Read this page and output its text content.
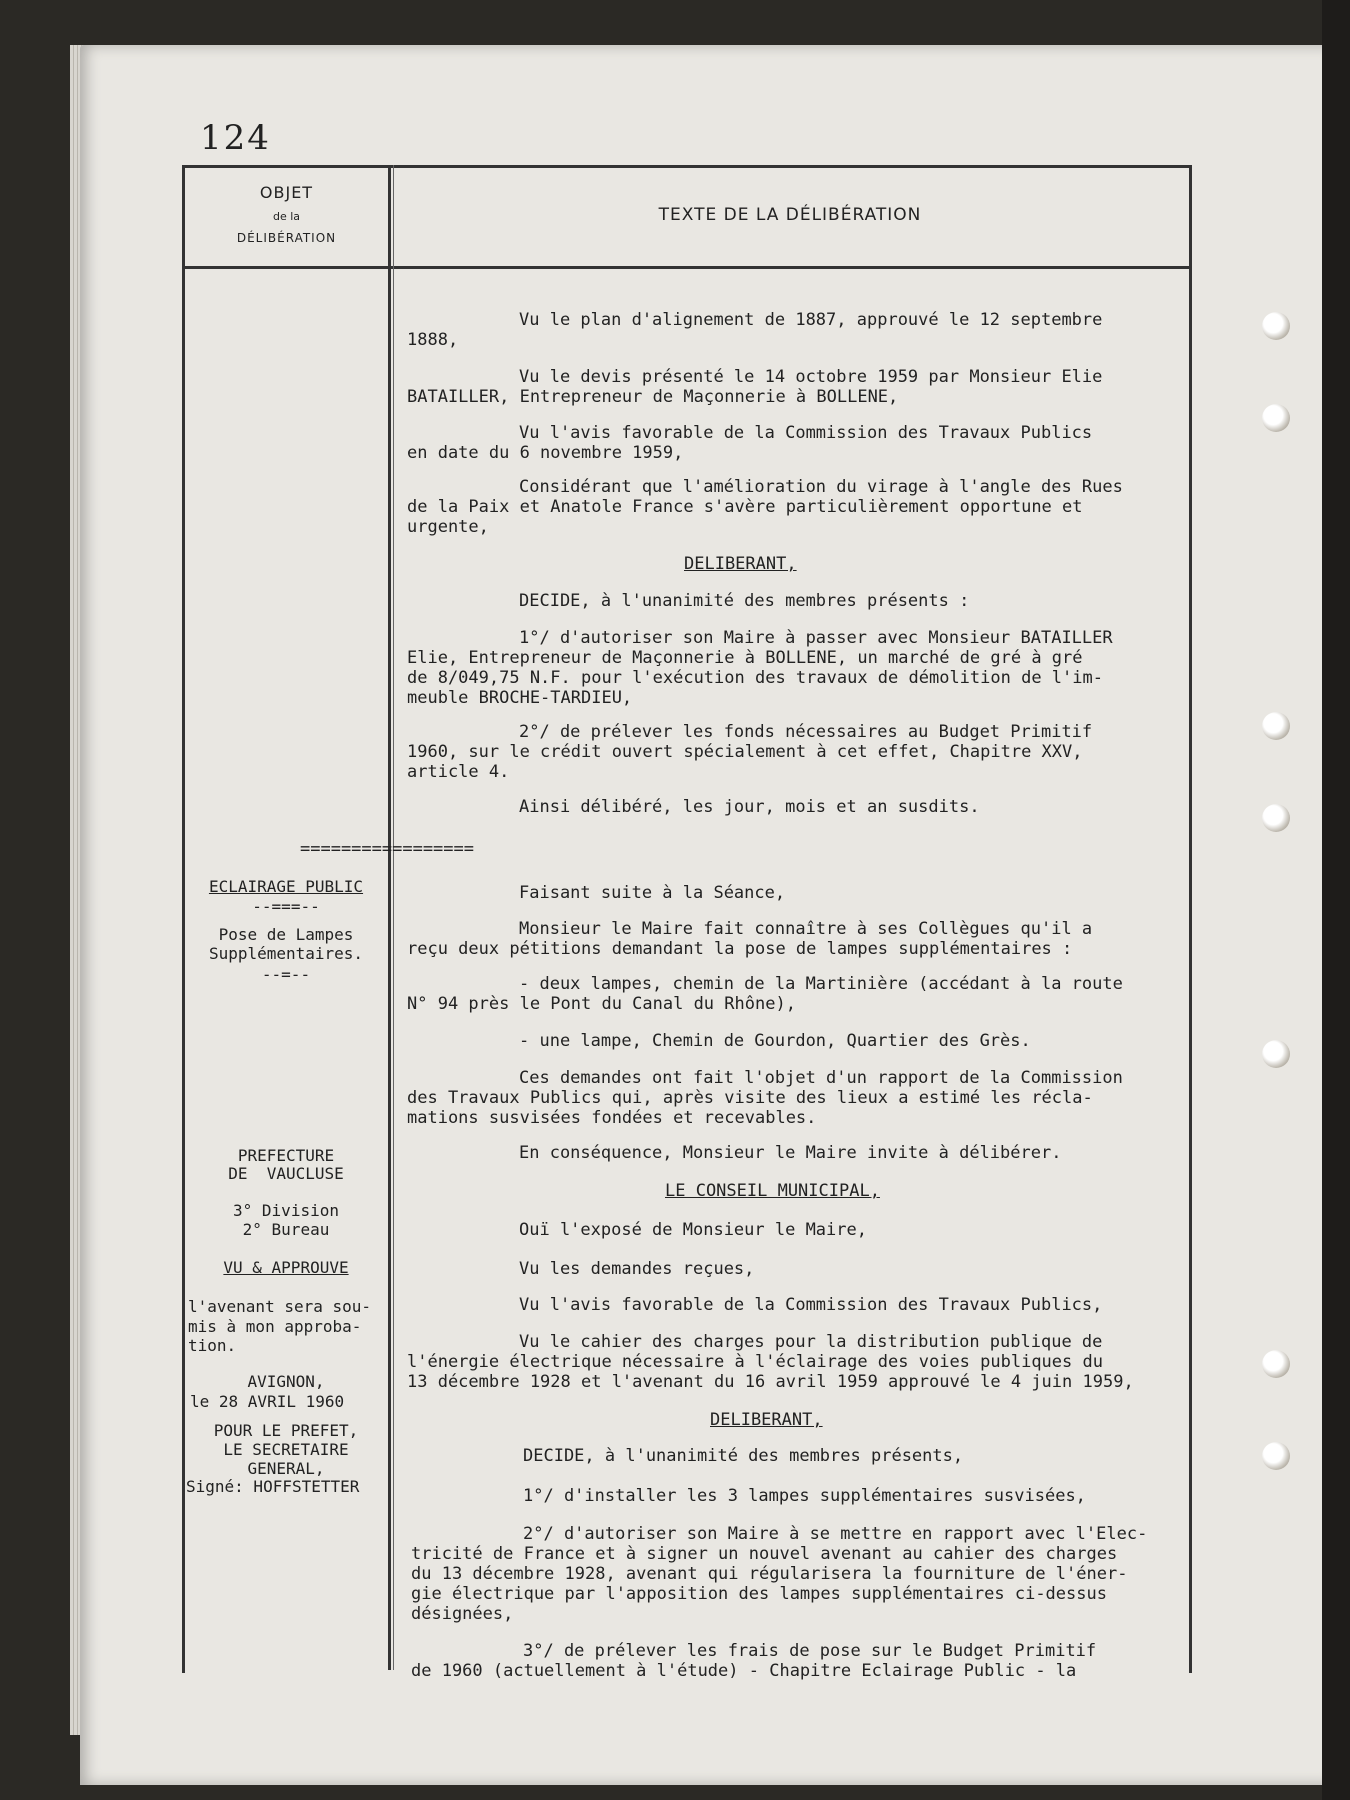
124
OBJET
de la
DÉLIBÉRATION
TEXTE DE LA DÉLIBÉRATION
Vu le plan d'alignement de 1887, approuvé le 12 septembre
1888,
Vu le devis présenté le 14 octobre 1959 par Monsieur Elie
BATAILLER, Entrepreneur de Maçonnerie à BOLLENE,
Vu l'avis favorable de la Commission des Travaux Publics
en date du 6 novembre 1959,
Considérant que l'amélioration du virage à l'angle des Rues
de la Paix et Anatole France s'avère particulièrement opportune et
urgente,
DELIBERANT,
DECIDE, à l'unanimité des membres présents :
1°/ d'autoriser son Maire à passer avec Monsieur BATAILLER
Elie, Entrepreneur de Maçonnerie à BOLLENE, un marché de gré à gré
de 8/049,75 N.F. pour l'exécution des travaux de démolition de l'im-
meuble BROCHE-TARDIEU,
2°/ de prélever les fonds nécessaires au Budget Primitif
1960, sur le crédit ouvert spécialement à cet effet, Chapitre XXV,
article 4.
Ainsi délibéré, les jour, mois et an susdits.
=================
Faisant suite à la Séance,
Monsieur le Maire fait connaître à ses Collègues qu'il a
reçu deux pétitions demandant la pose de lampes supplémentaires :
- deux lampes, chemin de la Martinière (accédant à la route
N° 94 près le Pont du Canal du Rhône),
- une lampe, Chemin de Gourdon, Quartier des Grès.
Ces demandes ont fait l'objet d'un rapport de la Commission
des Travaux Publics qui, après visite des lieux a estimé les récla-
mations susvisées fondées et recevables.
En conséquence, Monsieur le Maire invite à délibérer.
LE CONSEIL MUNICIPAL,
Ouï l'exposé de Monsieur le Maire,
Vu les demandes reçues,
Vu l'avis favorable de la Commission des Travaux Publics,
Vu le cahier des charges pour la distribution publique de
l'énergie électrique nécessaire à l'éclairage des voies publiques du
13 décembre 1928 et l'avenant du 16 avril 1959 approuvé le 4 juin 1959,
DELIBERANT,
DECIDE, à l'unanimité des membres présents,
1°/ d'installer les 3 lampes supplémentaires susvisées,
2°/ d'autoriser son Maire à se mettre en rapport avec l'Elec-
tricité de France et à signer un nouvel avenant au cahier des charges
du 13 décembre 1928, avenant qui régularisera la fourniture de l'éner-
gie électrique par l'apposition des lampes supplémentaires ci-dessus
désignées,
3°/ de prélever les frais de pose sur le Budget Primitif
de 1960 (actuellement à l'étude) - Chapitre Eclairage Public - la
ECLAIRAGE PUBLIC
--===--
Pose de Lampes
Supplémentaires.
--=--
PREFECTURE
DE  VAUCLUSE
3° Division
2° Bureau
VU & APPROUVE
l'avenant sera sou-
mis à mon approba-
tion.
AVIGNON,
le 28 AVRIL 1960
POUR LE PREFET,
LE SECRETAIRE
GENERAL,
Signé: HOFFSTETTER
